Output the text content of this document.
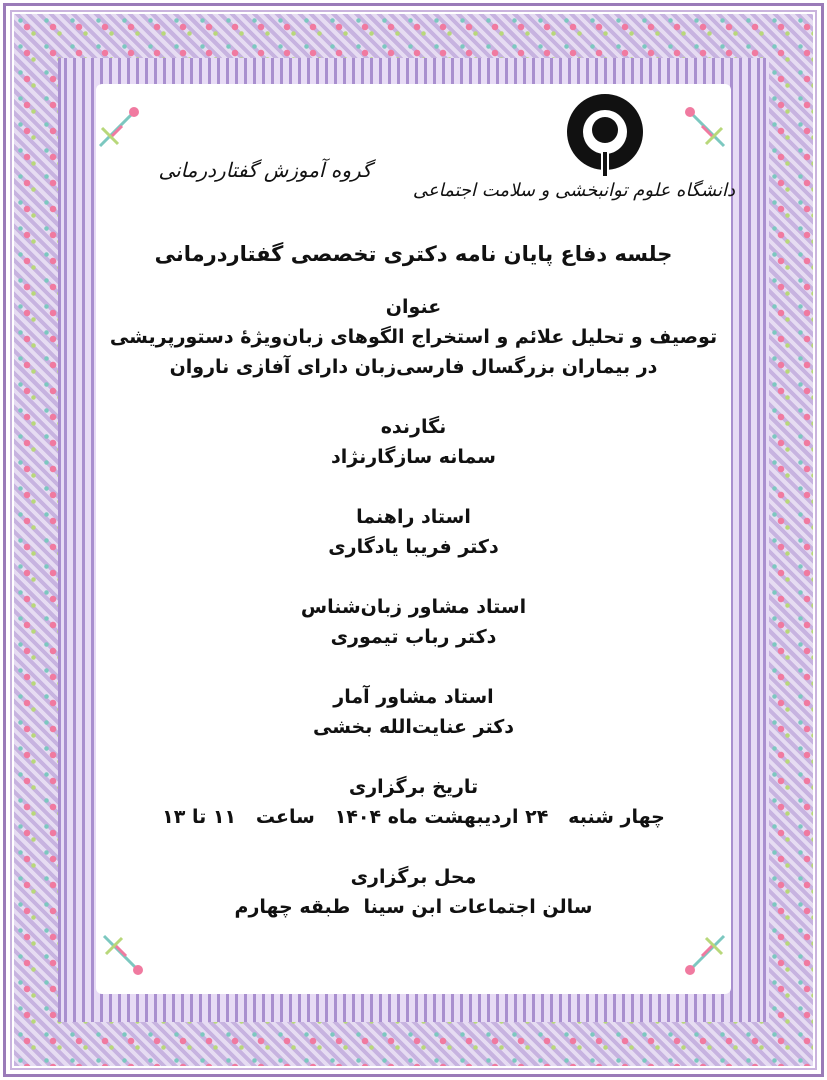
دانشگاه علوم توانبخشی و سلامت اجتماعی
گروه آموزش گفتاردرمانی
جلسه دفاع پایان نامه دکتری تخصصی گفتاردرمانی
عنوان
توصیف و تحلیل علائم و استخراج الگوهای زبان‌ویژهٔ دستورپریشی
در بیماران بزرگسال فارسی‌زبان دارای آفازی ناروان
نگارنده
سمانه سازگارنژاد
استاد راهنما
دکتر فریبا یادگاری
استاد مشاور زبان‌شناس
دکتر رباب تیموری
استاد مشاور آمار
دکتر عنایت‌الله بخشی
تاریخ برگزاری
چهار شنبه   ۲۴ اردیبهشت ماه ۱۴۰۴   ساعت   ۱۱ تا ۱۳
محل برگزاری
سالن اجتماعات ابن سینا  طبقه چهارم
